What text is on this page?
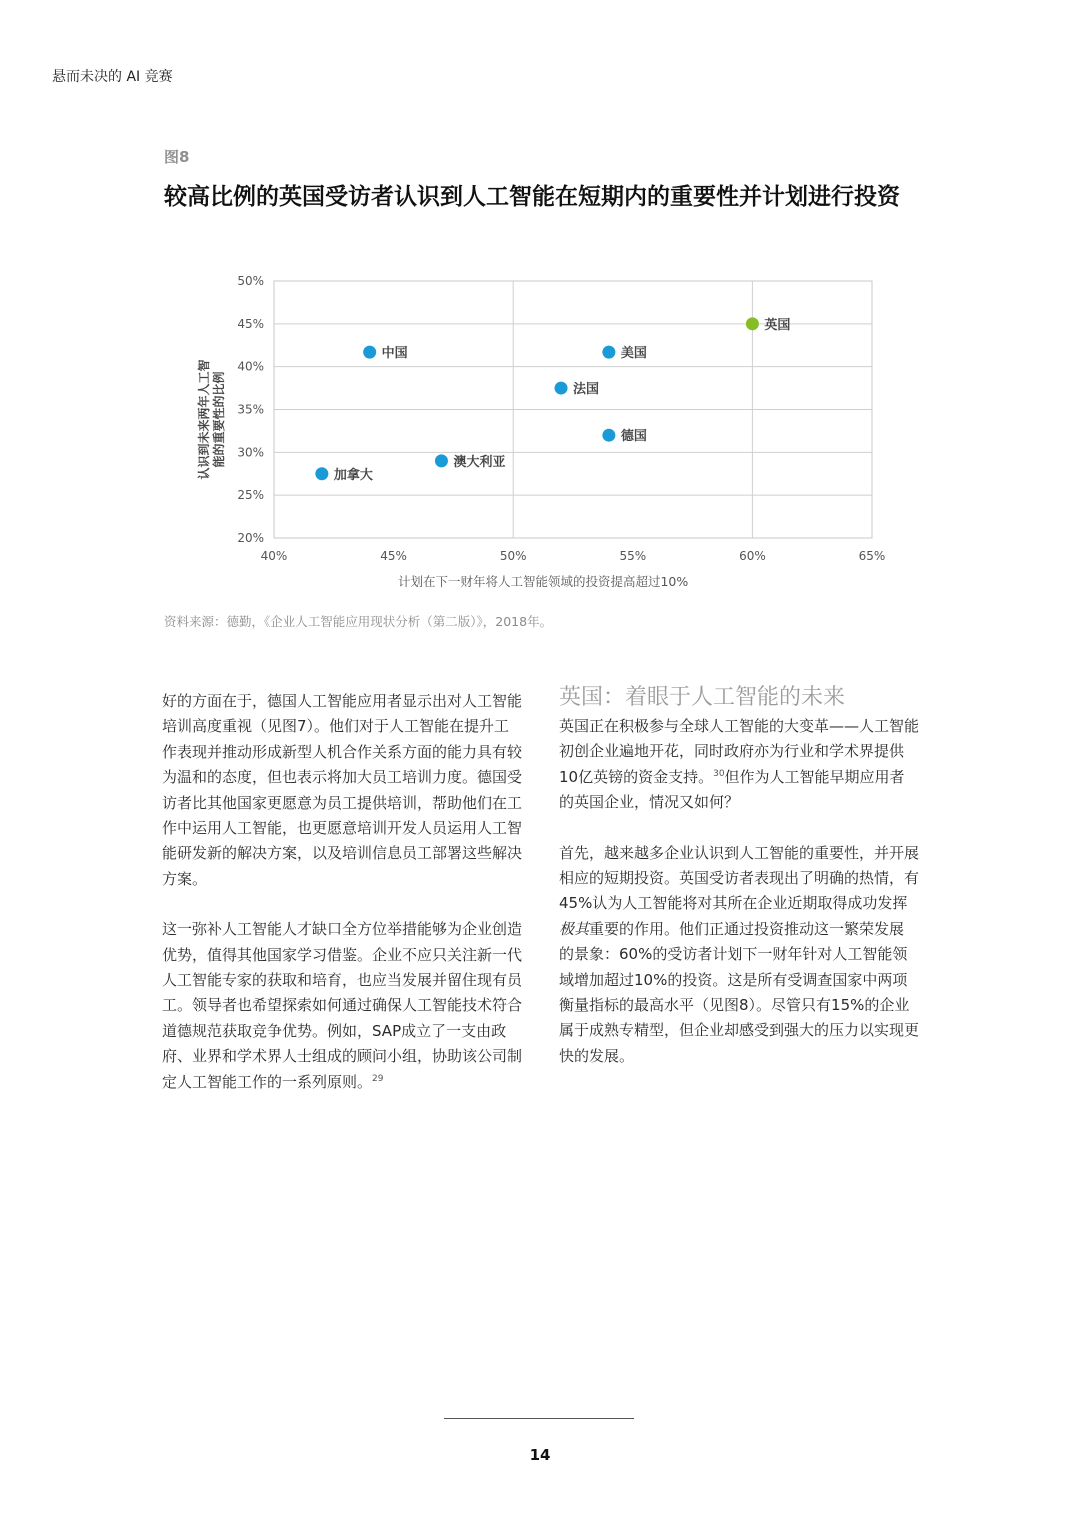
悬而未决的 AI 竞赛
图8
较高比例的英国受访者认识到人工智能在短期内的重要性并计划进行投资
20%
25%
30%
35%
40%
45%
50%
40%	45%	50%	55%	60%	65%
计划在下一财年将人工智能领域的投资提高超过10%
认识到未来两年人工智 能的重要性的比例
中国	美国
法国
德国
澳大利亚
加拿大
英国
资料来源：德勤，《企业人工智能应用现状分析（第二版）》，2018年。

好的方面在于，德国人工智能应用者显示出对人工智能培训高度重视（见图7）。他们对于人工智能在提升工作表现并推动形成新型人机合作关系方面的能力具有较为温和的态度，但也表示将加大员工培训力度。德国受访者比其他国家更愿意为员工提供培训，帮助他们在工作中运用人工智能，也更愿意培训开发人员运用人工智能研发新的解决方案，以及培训信息员工部署这些解决方案。

这一弥补人工智能人才缺口全方位举措能够为企业创造优势，值得其他国家学习借鉴。企业不应只关注新一代人工智能专家的获取和培育，也应当发展并留住现有员工。领导者也希望探索如何通过确保人工智能技术符合道德规范获取竞争优势。例如，SAP成立了一支由政府、业界和学术界人士组成的顾问小组，协助该公司制定人工智能工作的一系列原则。$^{29}$

英国：着眼于人工智能的未来

英国正在积极参与全球人工智能的大变革——人工智能初创企业遍地开花，同时政府亦为行业和学术界提供10亿英镑的资金支持。$^{30}$但作为人工智能早期应用者的英国企业，情况又如何？

首先，越来越多企业认识到人工智能的重要性，并开展相应的短期投资。英国受访者表现出了明确的热情，有45%认为人工智能将对其所在企业近期取得成功发挥极其重要的作用。他们正通过投资推动这一繁荣发展的景象：60%的受访者计划下一财年针对人工智能领域增加超过10%的投资。这是所有受调查国家中两项衡量指标的最高水平（见图8）。尽管只有15%的企业属于成熟专精型，但企业却感受到强大的压力以实现更快的发展。

14
